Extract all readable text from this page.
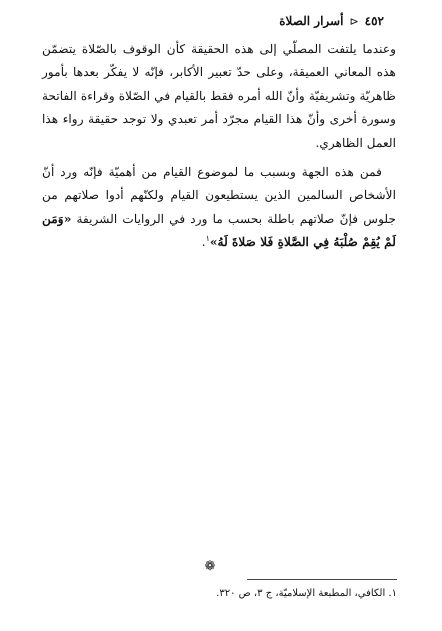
٤٥٢
⊲
أسرار الصلاة

وعندما يلتفت المصلّي إلى هذه الحقيقة كأن الوقوف بالصّلاة يتضمّن هذه المعاني العميقة، وعلى حدّ تعبير الأكابر، فإنّه لا يفكّر بعدها بأمور ظاهريّة وتشريفيّة وأنّ الله أمره فقط بالقيام في الصّلاة وقراءة الفاتحة وسورة أخرى وأنّ هذا القيام مجرّد أمر تعبدي ولا توجد حقيقة رواء هذا العمل الظاهري.

فمن هذه الجهة وبسبب ما لموضوع القيام من أهميّة فإنّه ورد أنّ الأشخاص السالمين الذين يستطيعون القيام ولكنّهم أدوا صلاتهم من جلوس فإنّ صلاتهم باطلة بحسب ما ورد في الروايات الشريفة «وَمَن لَمْ يُقِمْ صُلْبَهُ فِي الصَّلاةِ فَلا صَلاةَ لَهُ»$^١$.

❁
١. الكافي، المطبعة الإسلاميّة، ج ٣، ص ٣٢٠.
